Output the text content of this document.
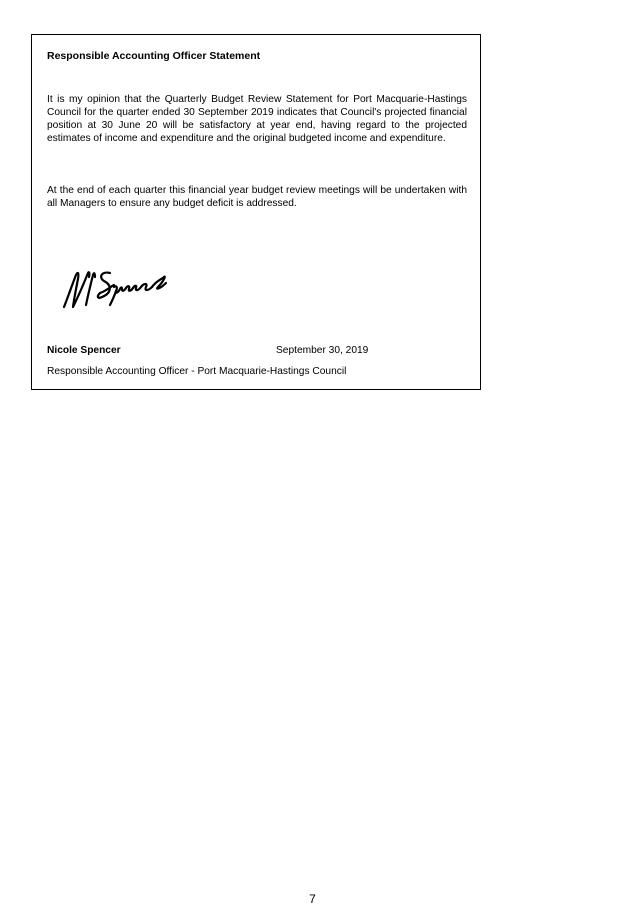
Responsible Accounting Officer Statement

It is my opinion that the Quarterly Budget Review Statement for Port Macquarie-Hastings Council for the quarter ended 30 September 2019 indicates that Council's projected financial position at 30 June 20 will be satisfactory at year end, having regard to the projected estimates of income and expenditure and the original budgeted income and expenditure.

At the end of each quarter this financial year budget review meetings will be undertaken with all Managers to ensure any budget deficit is addressed.

Nicole Spencer	September 30, 2019
Responsible Accounting Officer - Port Macquarie-Hastings Council
7
